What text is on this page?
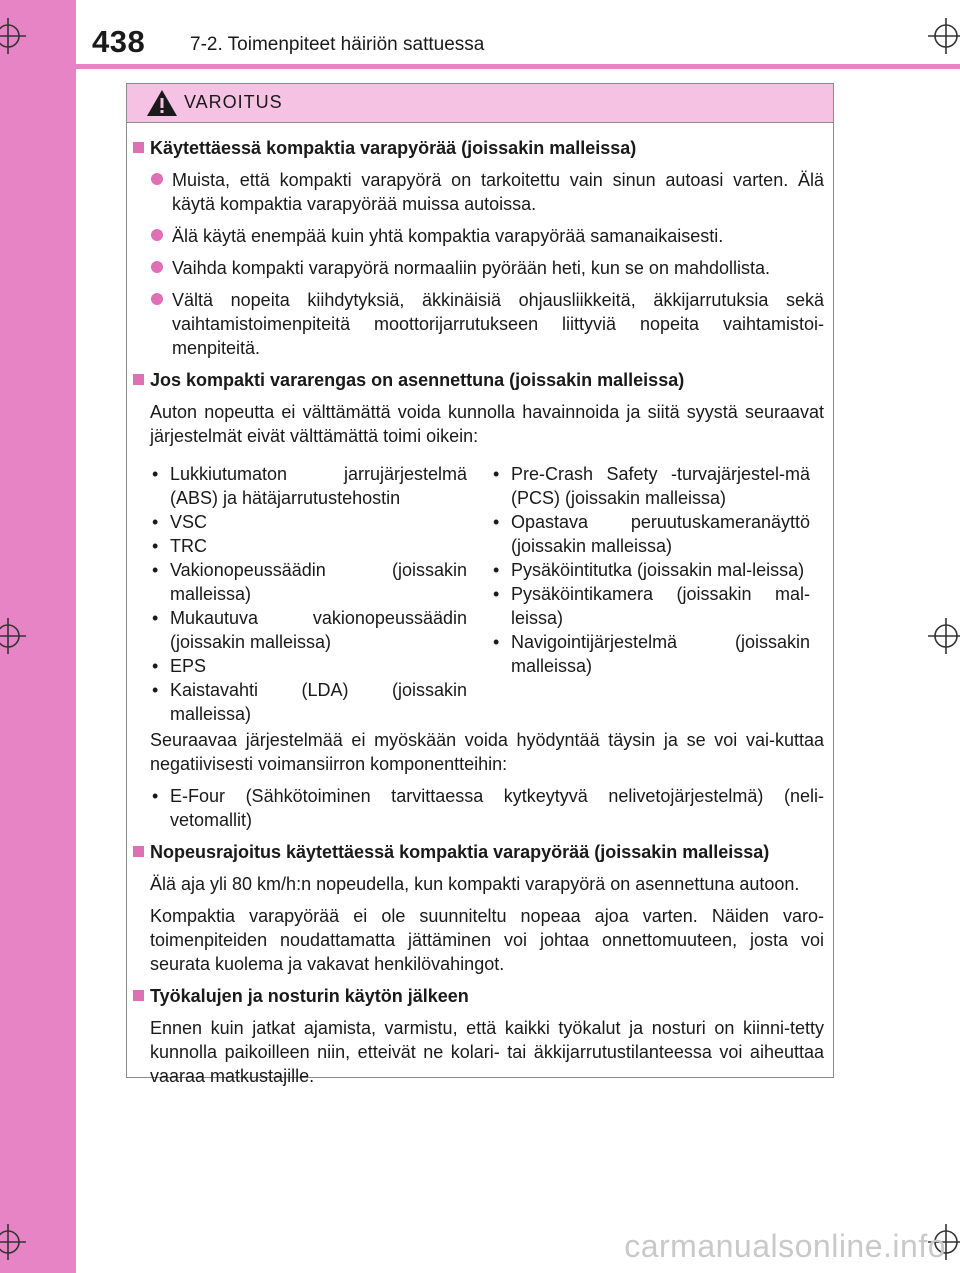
438 7-2. Toimenpiteet häiriön sattuessa
VAROITUS
Käytettäessä kompaktia varapyörää (joissakin malleissa)
Muista, että kompakti varapyörä on tarkoitettu vain sinun autoasi varten. Älä käytä kompaktia varapyörää muissa autoissa.
Älä käytä enempää kuin yhtä kompaktia varapyörää samanaikaisesti.
Vaihda kompakti varapyörä normaaliin pyörään heti, kun se on mahdollista.
Vältä nopeita kiihdytyksiä, äkkinäisiä ohjausliikkeitä, äkkijarrutuksia sekä vaihtamistoimenpiteitä moottorijarrutukseen liittyviä nopeita vaihtamistoi-menpiteitä.
Jos kompakti vararengas on asennettuna (joissakin malleissa)
Auton nopeutta ei välttämättä voida kunnolla havainnoida ja siitä syystä seuraavat järjestelmät eivät välttämättä toimi oikein:
• Lukkiutumaton jarrujärjestelmä (ABS) ja hätäjarrutustehostin
• VSC
• TRC
• Vakionopeussäädin (joissakin malleissa)
• Mukautuva vakionopeussäädin (joissakin malleissa)
• EPS
• Kaistavahti (LDA) (joissakin malleissa)
• Pre-Crash Safety -turvajärjestel-mä (PCS) (joissakin malleissa)
• Opastava peruutuskameranäyttö (joissakin malleissa)
• Pysäköintitutka (joissakin mal-leissa)
• Pysäköintikamera (joissakin mal-leissa)
• Navigointijärjestelmä (joissakin malleissa)
Seuraavaa järjestelmää ei myöskään voida hyödyntää täysin ja se voi vai-kuttaa negatiivisesti voimansiirron komponentteihin:
• E-Four (Sähkötoiminen tarvittaessa kytkeytyvä nelivetojärjestelmä) (neli-vetomallit)
Nopeusrajoitus käytettäessä kompaktia varapyörää (joissakin malleissa)
Älä aja yli 80 km/h:n nopeudella, kun kompakti varapyörä on asennettuna autoon.
Kompaktia varapyörää ei ole suunniteltu nopeaa ajoa varten. Näiden varo-toimenpiteiden noudattamatta jättäminen voi johtaa onnettomuuteen, josta voi seurata kuolema ja vakavat henkilövahingot.
Työkalujen ja nosturin käytön jälkeen
Ennen kuin jatkat ajamista, varmistu, että kaikki työkalut ja nosturi on kiinni-tetty kunnolla paikoilleen niin, etteivät ne kolari- tai äkkijarrutustilanteessa voi aiheuttaa vaaraa matkustajille.
carmanualsonline.info
